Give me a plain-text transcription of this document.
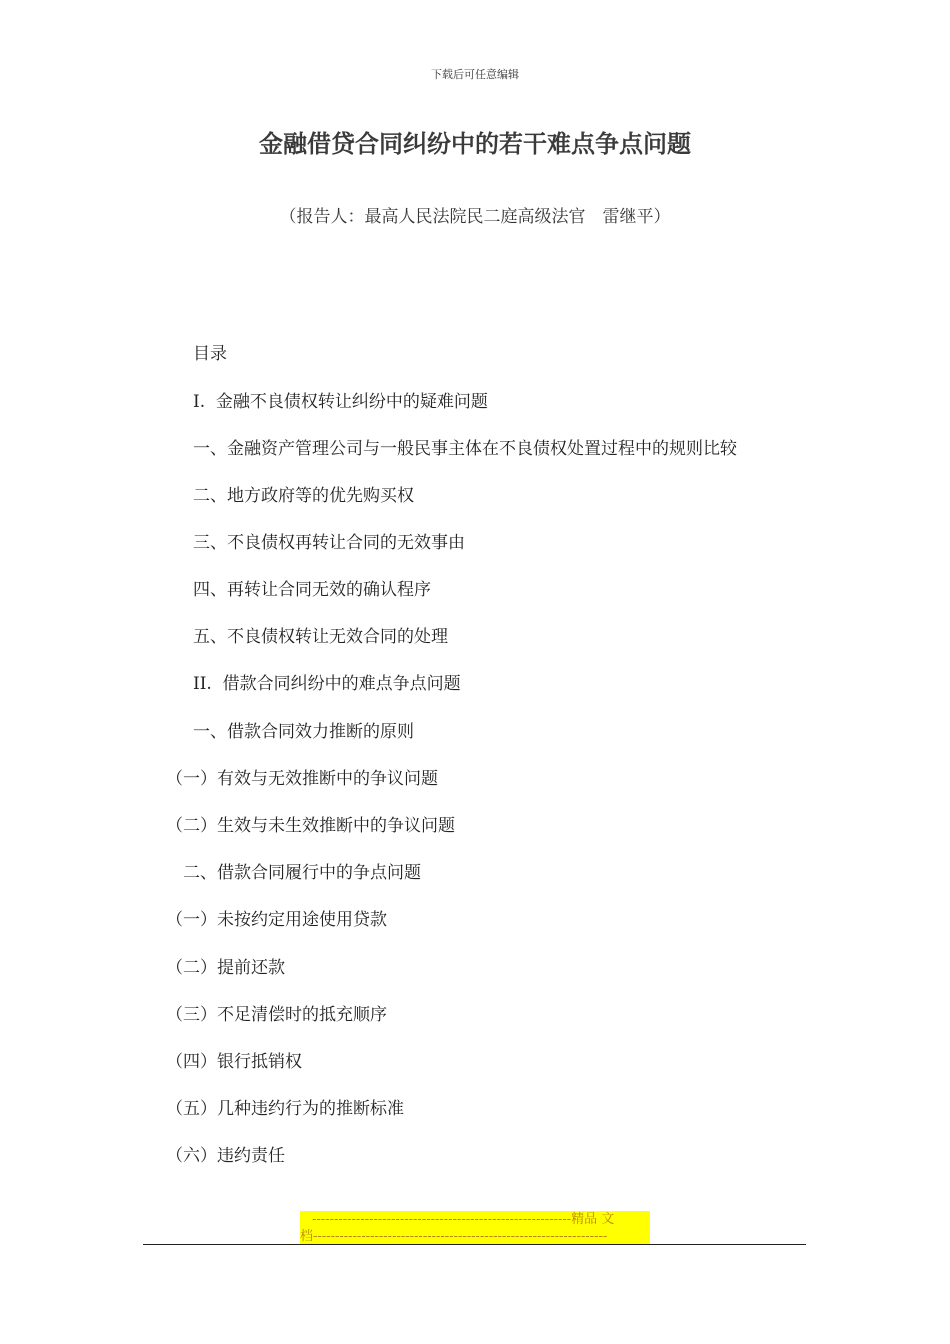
下载后可任意编辑
金融借贷合同纠纷中的若干难点争点问题
（报告人：最高人民法院民二庭高级法官　雷继平）
目录
I.  金融不良债权转让纠纷中的疑难问题
一、金融资产管理公司与一般民事主体在不良债权处置过程中的规则比较
二、地方政府等的优先购买权
三、不良债权再转让合同的无效事由
四、再转让合同无效的确认程序
五、不良债权转让无效合同的处理
II.  借款合同纠纷中的难点争点问题
一、借款合同效力推断的原则
（一）有效与无效推断中的争议问题
（二）生效与未生效推断中的争议问题
二、借款合同履行中的争点问题
（一）未按约定用途使用贷款
（二）提前还款
（三）不足清偿时的抵充顺序
（四）银行抵销权
（五）几种违约行为的推断标准
（六）违约责任
-----------------------------------------------------------精品 文
档-------------------------------------------------------------------
